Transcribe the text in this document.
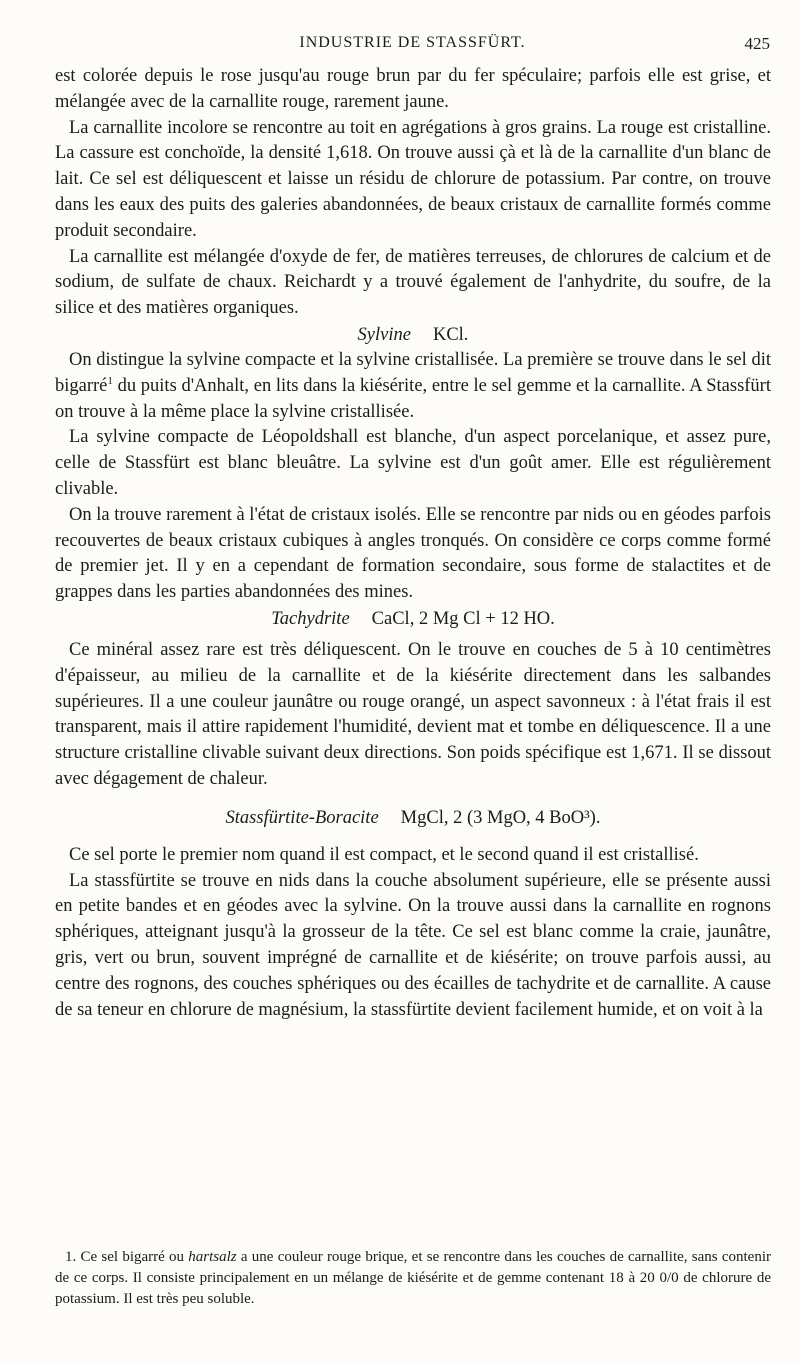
INDUSTRIE DE STASSFÜRT.	425

est colorée depuis le rose jusqu'au rouge brun par du fer spéculaire; parfois elle est grise, et mélangée avec de la carnallite rouge, rarement jaune.

La carnallite incolore se rencontre au toit en agrégations à gros grains. La rouge est cristalline. La cassure est conchoïde, la densité 1,618. On trouve aussi çà et là de la carnallite d'un blanc de lait. Ce sel est déliquescent et laisse un résidu de chlorure de potassium. Par contre, on trouve dans les eaux des puits des galeries abandonnées, de beaux cristaux de carnallite formés comme produit secondaire.

La carnallite est mélangée d'oxyde de fer, de matières terreuses, de chlorures de calcium et de sodium, de sulfate de chaux. Reichardt y a trouvé également de l'anhydrite, du soufre, de la silice et des matières organiques.

Sylvine KCl.

On distingue la sylvine compacte et la sylvine cristallisée. La première se trouve dans le sel dit bigarré$^1$ du puits d'Anhalt, en lits dans la kiésérite, entre le sel gemme et la carnallite. A Stassfürt on trouve à la même place la sylvine cristallisée.

La sylvine compacte de Léopoldshall est blanche, d'un aspect porcelanique, et assez pure, celle de Stassfürt est blanc bleuâtre. La sylvine est d'un goût amer. Elle est régulièrement clivable.

On la trouve rarement à l'état de cristaux isolés. Elle se rencontre par nids ou en géodes parfois recouvertes de beaux cristaux cubiques à angles tronqués. On considère ce corps comme formé de premier jet. Il y en a cependant de formation secondaire, sous forme de stalactites et de grappes dans les parties abandonnées des mines.

Tachydrite CaCl, 2 Mg Cl + 12 HO.

Ce minéral assez rare est très déliquescent. On le trouve en couches de 5 à 10 centimètres d'épaisseur, au milieu de la carnallite et de la kiésérite directement dans les salbandes supérieures. Il a une couleur jaunâtre ou rouge orangé, un aspect savonneux : à l'état frais il est transparent, mais il attire rapidement l'humidité, devient mat et tombe en déliquescence. Il a une structure cristalline clivable suivant deux directions. Son poids spécifique est 1,671. Il se dissout avec dégagement de chaleur.

Stassfürtite-Boracite MgCl, 2 (3 MgO, 4 BoO³).

Ce sel porte le premier nom quand il est compact, et le second quand il est cristallisé.

La stassfürtite se trouve en nids dans la couche absolument supérieure, elle se présente aussi en petite bandes et en géodes avec la sylvine. On la trouve aussi dans la carnallite en rognons sphériques, atteignant jusqu'à la grosseur de la tête. Ce sel est blanc comme la craie, jaunâtre, gris, vert ou brun, souvent imprégné de carnallite et de kiésérite; on trouve parfois aussi, au centre des rognons, des couches sphériques ou des écailles de tachydrite et de carnallite. A cause de sa teneur en chlorure de magnésium, la stassfürtite devient facilement humide, et on voit à la

1. Ce sel bigarré ou hartsalz a une couleur rouge brique, et se rencontre dans les couches de carnallite, sans contenir de ce corps. Il consiste principalement en un mélange de kiésérite et de gemme contenant 18 à 20 0/0 de chlorure de potassium. Il est très peu soluble.
